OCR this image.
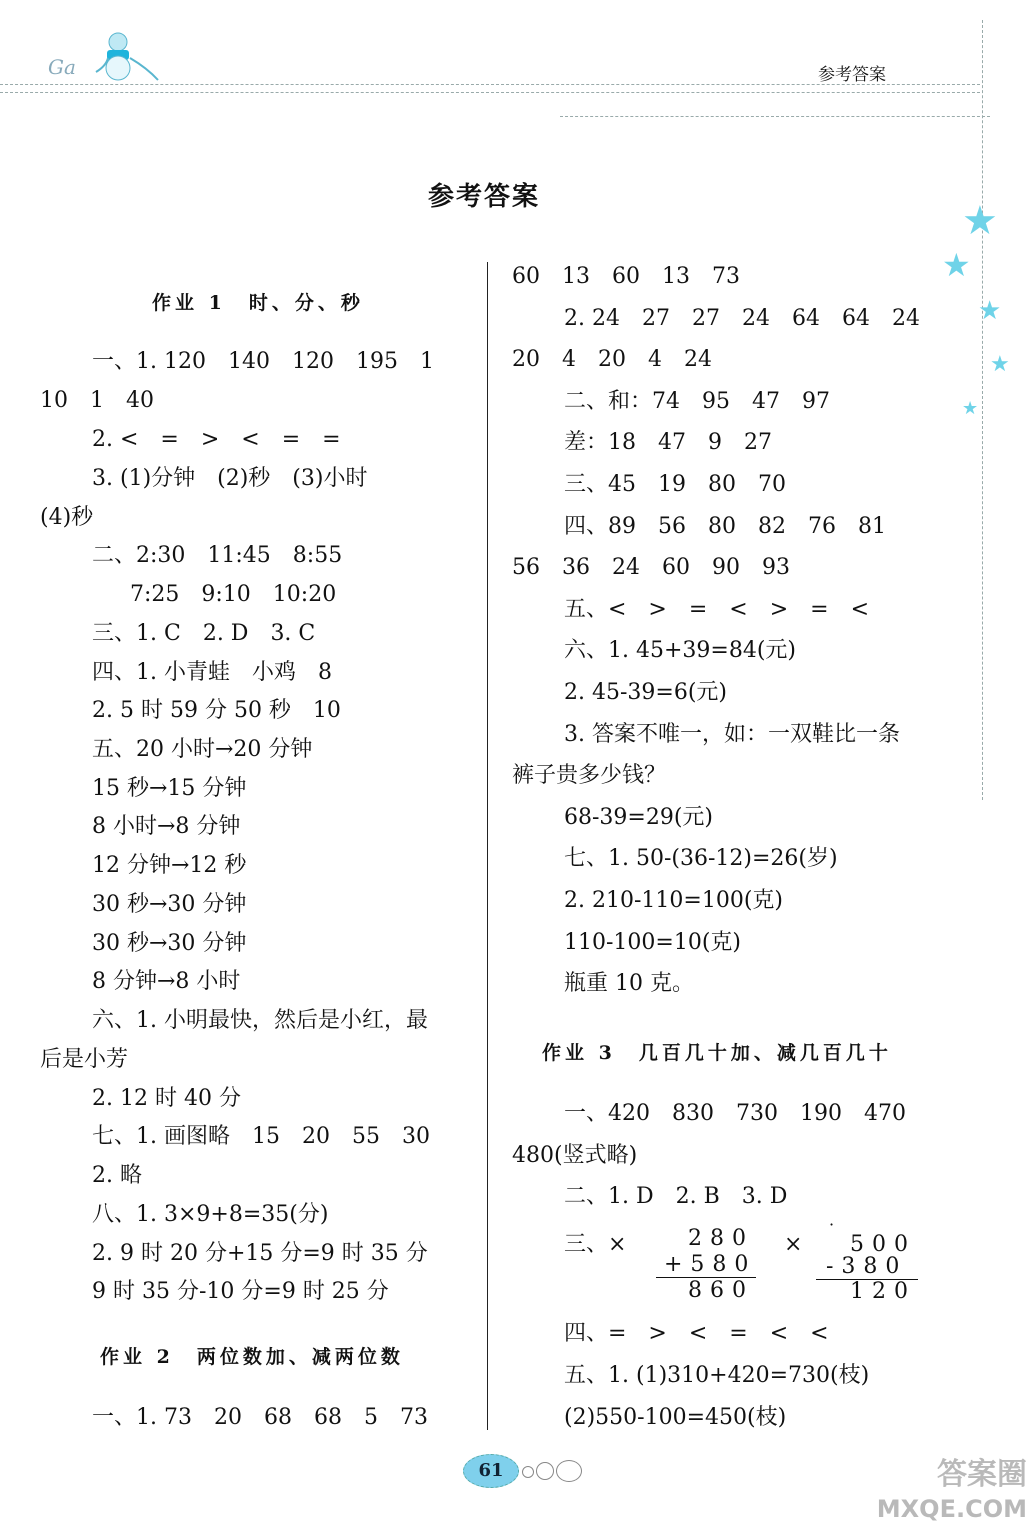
Ga	参考答案
★
★
★
★
★
参考答案
作业 1　时、分、秒
一、1. 120　140　120　195　1
10　1　40
2. <　=　>　<　=　=
3. (1)分钟　(2)秒　(3)小时
(4)秒
二、2:30　11:45　8:55
7:25　9:10　10:20
三、1. C　2. D　3. C
四、1. 小青蛙　小鸡　8
2. 5 时 59 分 50 秒　10
五、20 小时→20 分钟
15 秒→15 分钟
8 小时→8 分钟
12 分钟→12 秒
30 秒→30 分钟
30 秒→30 分钟
8 分钟→8 小时
六、1. 小明最快，然后是小红，最
后是小芳
2. 12 时 40 分
七、1. 画图略　15　20　55　30
2. 略
八、1. 3×9+8=35(分)
2. 9 时 20 分+15 分=9 时 35 分
9 时 35 分-10 分=9 时 25 分
作业 2　两位数加、减两位数
一、1. 73　20　68　68　5　73
60　13　60　13　73
2. 24　27　27　24　64　64　24
20　4　20　4　24
二、和：74　95　47　97
差：18　47　9　27
三、45　19　80　70
四、89　56　80　82　76　81
56　36　24　60　90　93
五、<　>　=　<　>　=　<
六、1. 45+39=84(元)
2. 45-39=6(元)
3. 答案不唯一，如：一双鞋比一条
裤子贵多少钱？
68-39=29(元)
七、1. 50-(36-12)=26(岁)
2. 210-110=100(克)
110-100=10(克)
瓶重 10 克。
作业 3　几百几十加、减几百几十
一、420　830　730　190　470
480(竖式略)
二、1. D　2. B　3. D
三、×	280
+580
860
×
·
500
-380
120
四、=　>　<　=　<　<
五、1. (1)310+420=730(枝)
(2)550-100=450(枝)
61	答案圈
MXQE.COM
